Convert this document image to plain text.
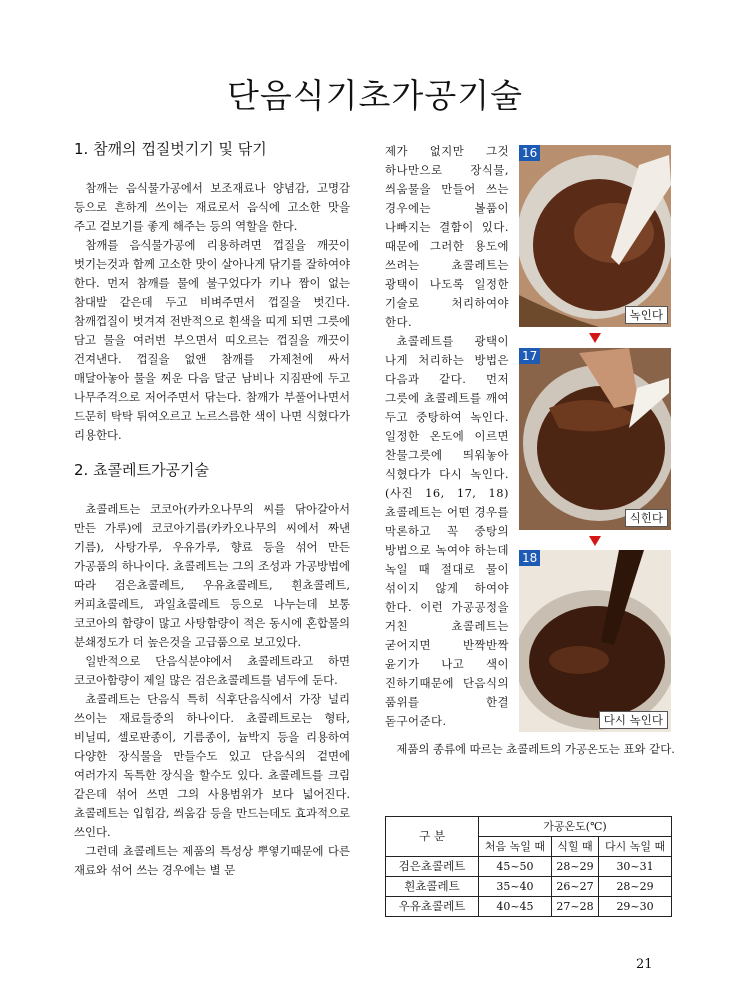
단음식기초가공기술
1. 참깨의 껍질벗기기 및 닦기

참깨는 음식물가공에서 보조재료나 양념감, 고명감 등으로 흔하게 쓰이는 재료로서 음식에 고소한 맛을 주고 겉보기를 좋게 해주는 등의 역할을 한다.

참깨를 음식물가공에 리용하려면 껍질을 깨끗이 벗기는것과 함께 고소한 맛이 살아나게 닦기를 잘하여야 한다. 먼저 참깨를 물에 불구었다가 키나 짬이 없는 참대발 같은데 두고 비벼주면서 껍질을 벗긴다. 참깨껍질이 벗겨져 전반적으로 흰색을 띠게 되면 그릇에 담고 물을 여러번 부으면서 띠오르는 껍질을 깨끗이 건져낸다. 껍질을 없앤 참깨를 가제천에 싸서 매달아놓아 물을 찌운 다음 달군 남비나 지짐판에 두고 나무주걱으로 저어주면서 닦는다. 참깨가 부풀어나면서 드문히 탁탁 튀여오르고 노르스름한 색이 나면 식혔다가 리용한다.

2. 쵸콜레트가공기술

쵸콜레트는 코코아(카카오나무의 씨를 닦아갈아서 만든 가루)에 코코아기름(카카오나무의 씨에서 짜낸 기름), 사탕가루, 우유가루, 향료 등을 섞어 만든 가공품의 하나이다. 쵸콜레트는 그의 조성과 가공방법에 따라 검은쵸콜레트, 우유쵸콜레트, 흰쵸콜레트, 커피쵸콜레트, 과일쵸콜레트 등으로 나누는데 보통 코코아의 함량이 많고 사탕함량이 적은 동시에 혼합물의 분쇄정도가 더 높은것을 고급품으로 보고있다.

일반적으로 단음식분야에서 쵸콜레트라고 하면 코코아함량이 제일 많은 검은쵸콜레트를 념두에 둔다.

쵸콜레트는 단음식 특히 식후단음식에서 가장 널리 쓰이는 재료들중의 하나이다. 쵸콜레트로는 형타, 비닐띠, 셀로판종이, 기름종이, 늄박지 등을 리용하여 다양한 장식물을 만들수도 있고 단음식의 겉면에 여러가지 독특한 장식을 할수도 있다. 쵸콜레트를 크림 같은데 섞어 쓰면 그의 사용범위가 보다 넓어진다. 쵸콜레트는 입힘감, 씌움감 등을 만드는데도 효과적으로 쓰인다.

그런데 쵸콜레트는 제품의 특성상 뿌옇기때문에 다른 재료와 섞어 쓰는 경우에는 별 문

제가 없지만 그것 하나만으로 장식물, 씌움물을 만들어 쓰는 경우에는 볼품이 나빠지는 결함이 있다. 때문에 그러한 용도에 쓰려는 쵸콜레트는 광택이 나도록 일정한 기술로 처리하여야 한다.

쵸콜레트를 광택이 나게 처리하는 방법은 다음과 같다. 먼저 그릇에 쵸콜레트를 깨여 두고 중탕하여 녹인다. 일정한 온도에 이르면 찬물그릇에 띄워놓아 식혔다가 다시 녹인다.(사진 16, 17, 18) 쵸콜레트는 어떤 경우를 막론하고 꼭 중탕의 방법으로 녹여야 하는데 녹일 때 절대로 물이 섞이지 않게 하여야 한다. 이런 가공공정을 거친 쵸콜레트는 굳어지면 반짝반짝 윤기가 나고 색이 진하기때문에 단음식의 품위를 한결 돋구어준다.

제품의 종류에 따르는 쵸콜레트의 가공온도는 표와 같다.

16
녹인다
17
식힌다
18
다시 녹인다
구 분	가공온도(℃)		
	처음 녹일 때	식힐 때	다시 녹일 때
검은쵸콜레트	45~50	28~29	30~31
흰쵸콜레트	35~40	26~27	28~29
우유쵸콜레트	40~45	27~28	29~30
21
